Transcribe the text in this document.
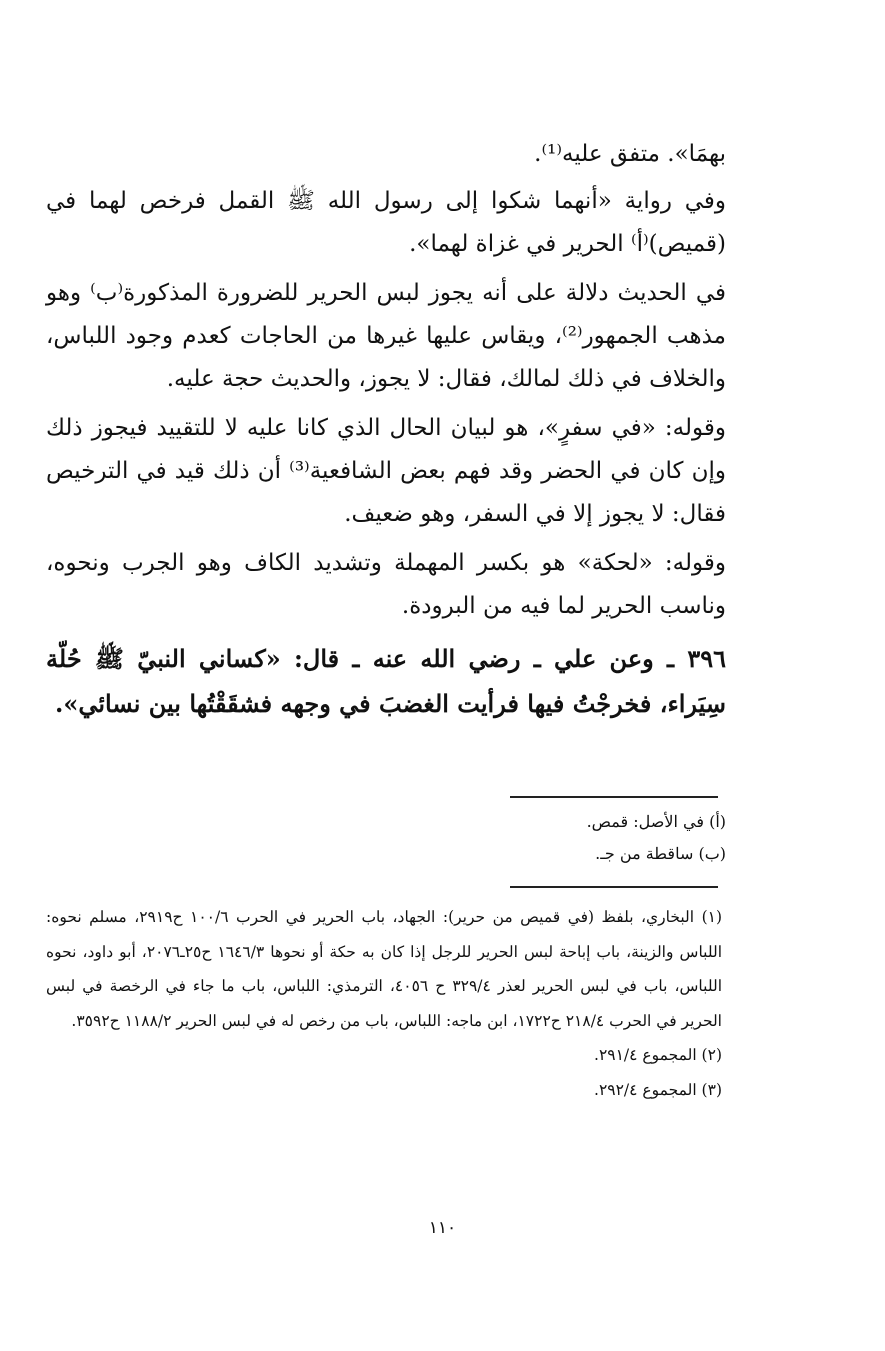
بهمَا». متفق عليه⁽¹⁾.

وفي رواية «أنهما شكوا إلى رسول الله ﷺ القمل فرخص لهما في (قميص)⁽أ⁾ الحرير في غزاة لهما».

في الحديث دلالة على أنه يجوز لبس الحرير للضرورة المذكورة⁽ب⁾ وهو مذهب الجمهور⁽²⁾، ويقاس عليها غيرها من الحاجات كعدم وجود اللباس، والخلاف في ذلك لمالك، فقال: لا يجوز، والحديث حجة عليه.

وقوله: «في سفرٍ»، هو لبيان الحال الذي كانا عليه لا للتقييد فيجوز ذلك وإن كان في الحضر وقد فهم بعض الشافعية⁽³⁾ أن ذلك قيد في الترخيص فقال: لا يجوز إلا في السفر، وهو ضعيف.

وقوله: «لحكة» هو بكسر المهملة وتشديد الكاف وهو الجرب ونحوه، وناسب الحرير لما فيه من البرودة.

٣٩٦ ـ وعن علي ـ رضي الله عنه ـ قال: «كساني النبيّ ﷺ حُلّة سِيَراء، فخرجْتُ فيها فرأيت الغضبَ في وجهه فشقَقْتُها بين نسائي».

(أ) في الأصل: قمص.

(ب) ساقطة من جـ.

(١) البخاري، بلفظ (في قميص من حرير): الجهاد، باب الحرير في الحرب ١٠٠/٦ ح٢٩١٩، مسلم نحوه: اللباس والزينة، باب إباحة لبس الحرير للرجل إذا كان به حكة أو نحوها ١٦٤٦/٣ ح٢٥ـ٢٠٧٦، أبو داود، نحوه اللباس، باب في لبس الحرير لعذر ٣٢٩/٤ ح ٤٠٥٦، الترمذي: اللباس، باب ما جاء في الرخصة في لبس الحرير في الحرب ٢١٨/٤ ح١٧٢٢، ابن ماجه: اللباس، باب من رخص له في لبس الحرير ١١٨٨/٢ ح٣٥٩٢.

(٢) المجموع ٢٩١/٤.

(٣) المجموع ٢٩٢/٤.

١١٠
